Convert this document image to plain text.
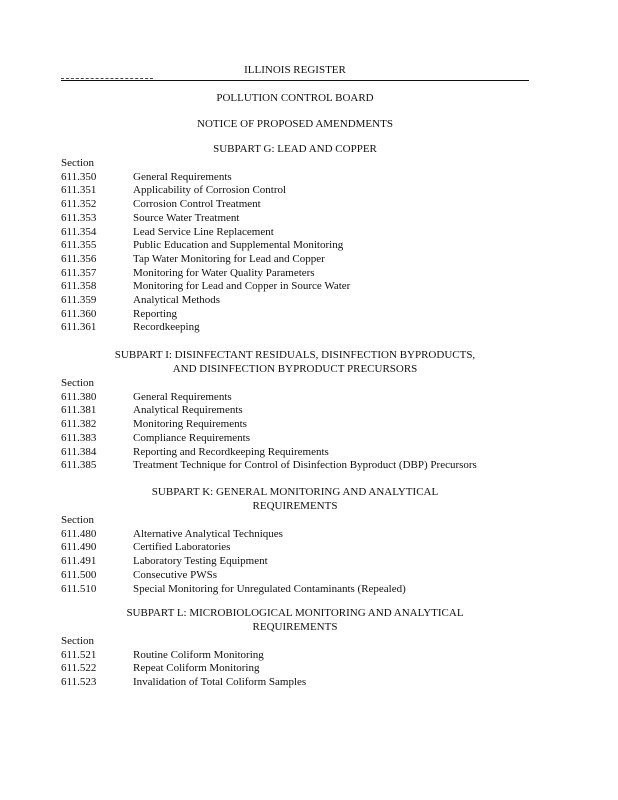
ILLINOIS REGISTER
POLLUTION CONTROL BOARD
NOTICE OF PROPOSED AMENDMENTS
SUBPART G: LEAD AND COPPER
Section
611.350	General Requirements
611.351	Applicability of Corrosion Control
611.352	Corrosion Control Treatment
611.353	Source Water Treatment
611.354	Lead Service Line Replacement
611.355	Public Education and Supplemental Monitoring
611.356	Tap Water Monitoring for Lead and Copper
611.357	Monitoring for Water Quality Parameters
611.358	Monitoring for Lead and Copper in Source Water
611.359	Analytical Methods
611.360	Reporting
611.361	Recordkeeping
SUBPART I: DISINFECTANT RESIDUALS, DISINFECTION BYPRODUCTS,
AND DISINFECTION BYPRODUCT PRECURSORS
Section
611.380	General Requirements
611.381	Analytical Requirements
611.382	Monitoring Requirements
611.383	Compliance Requirements
611.384	Reporting and Recordkeeping Requirements
611.385	Treatment Technique for Control of Disinfection Byproduct (DBP) Precursors
SUBPART K: GENERAL MONITORING AND ANALYTICAL
REQUIREMENTS
Section
611.480	Alternative Analytical Techniques
611.490	Certified Laboratories
611.491	Laboratory Testing Equipment
611.500	Consecutive PWSs
611.510	Special Monitoring for Unregulated Contaminants (Repealed)
SUBPART L: MICROBIOLOGICAL MONITORING AND ANALYTICAL
REQUIREMENTS
Section
611.521	Routine Coliform Monitoring
611.522	Repeat Coliform Monitoring
611.523	Invalidation of Total Coliform Samples
